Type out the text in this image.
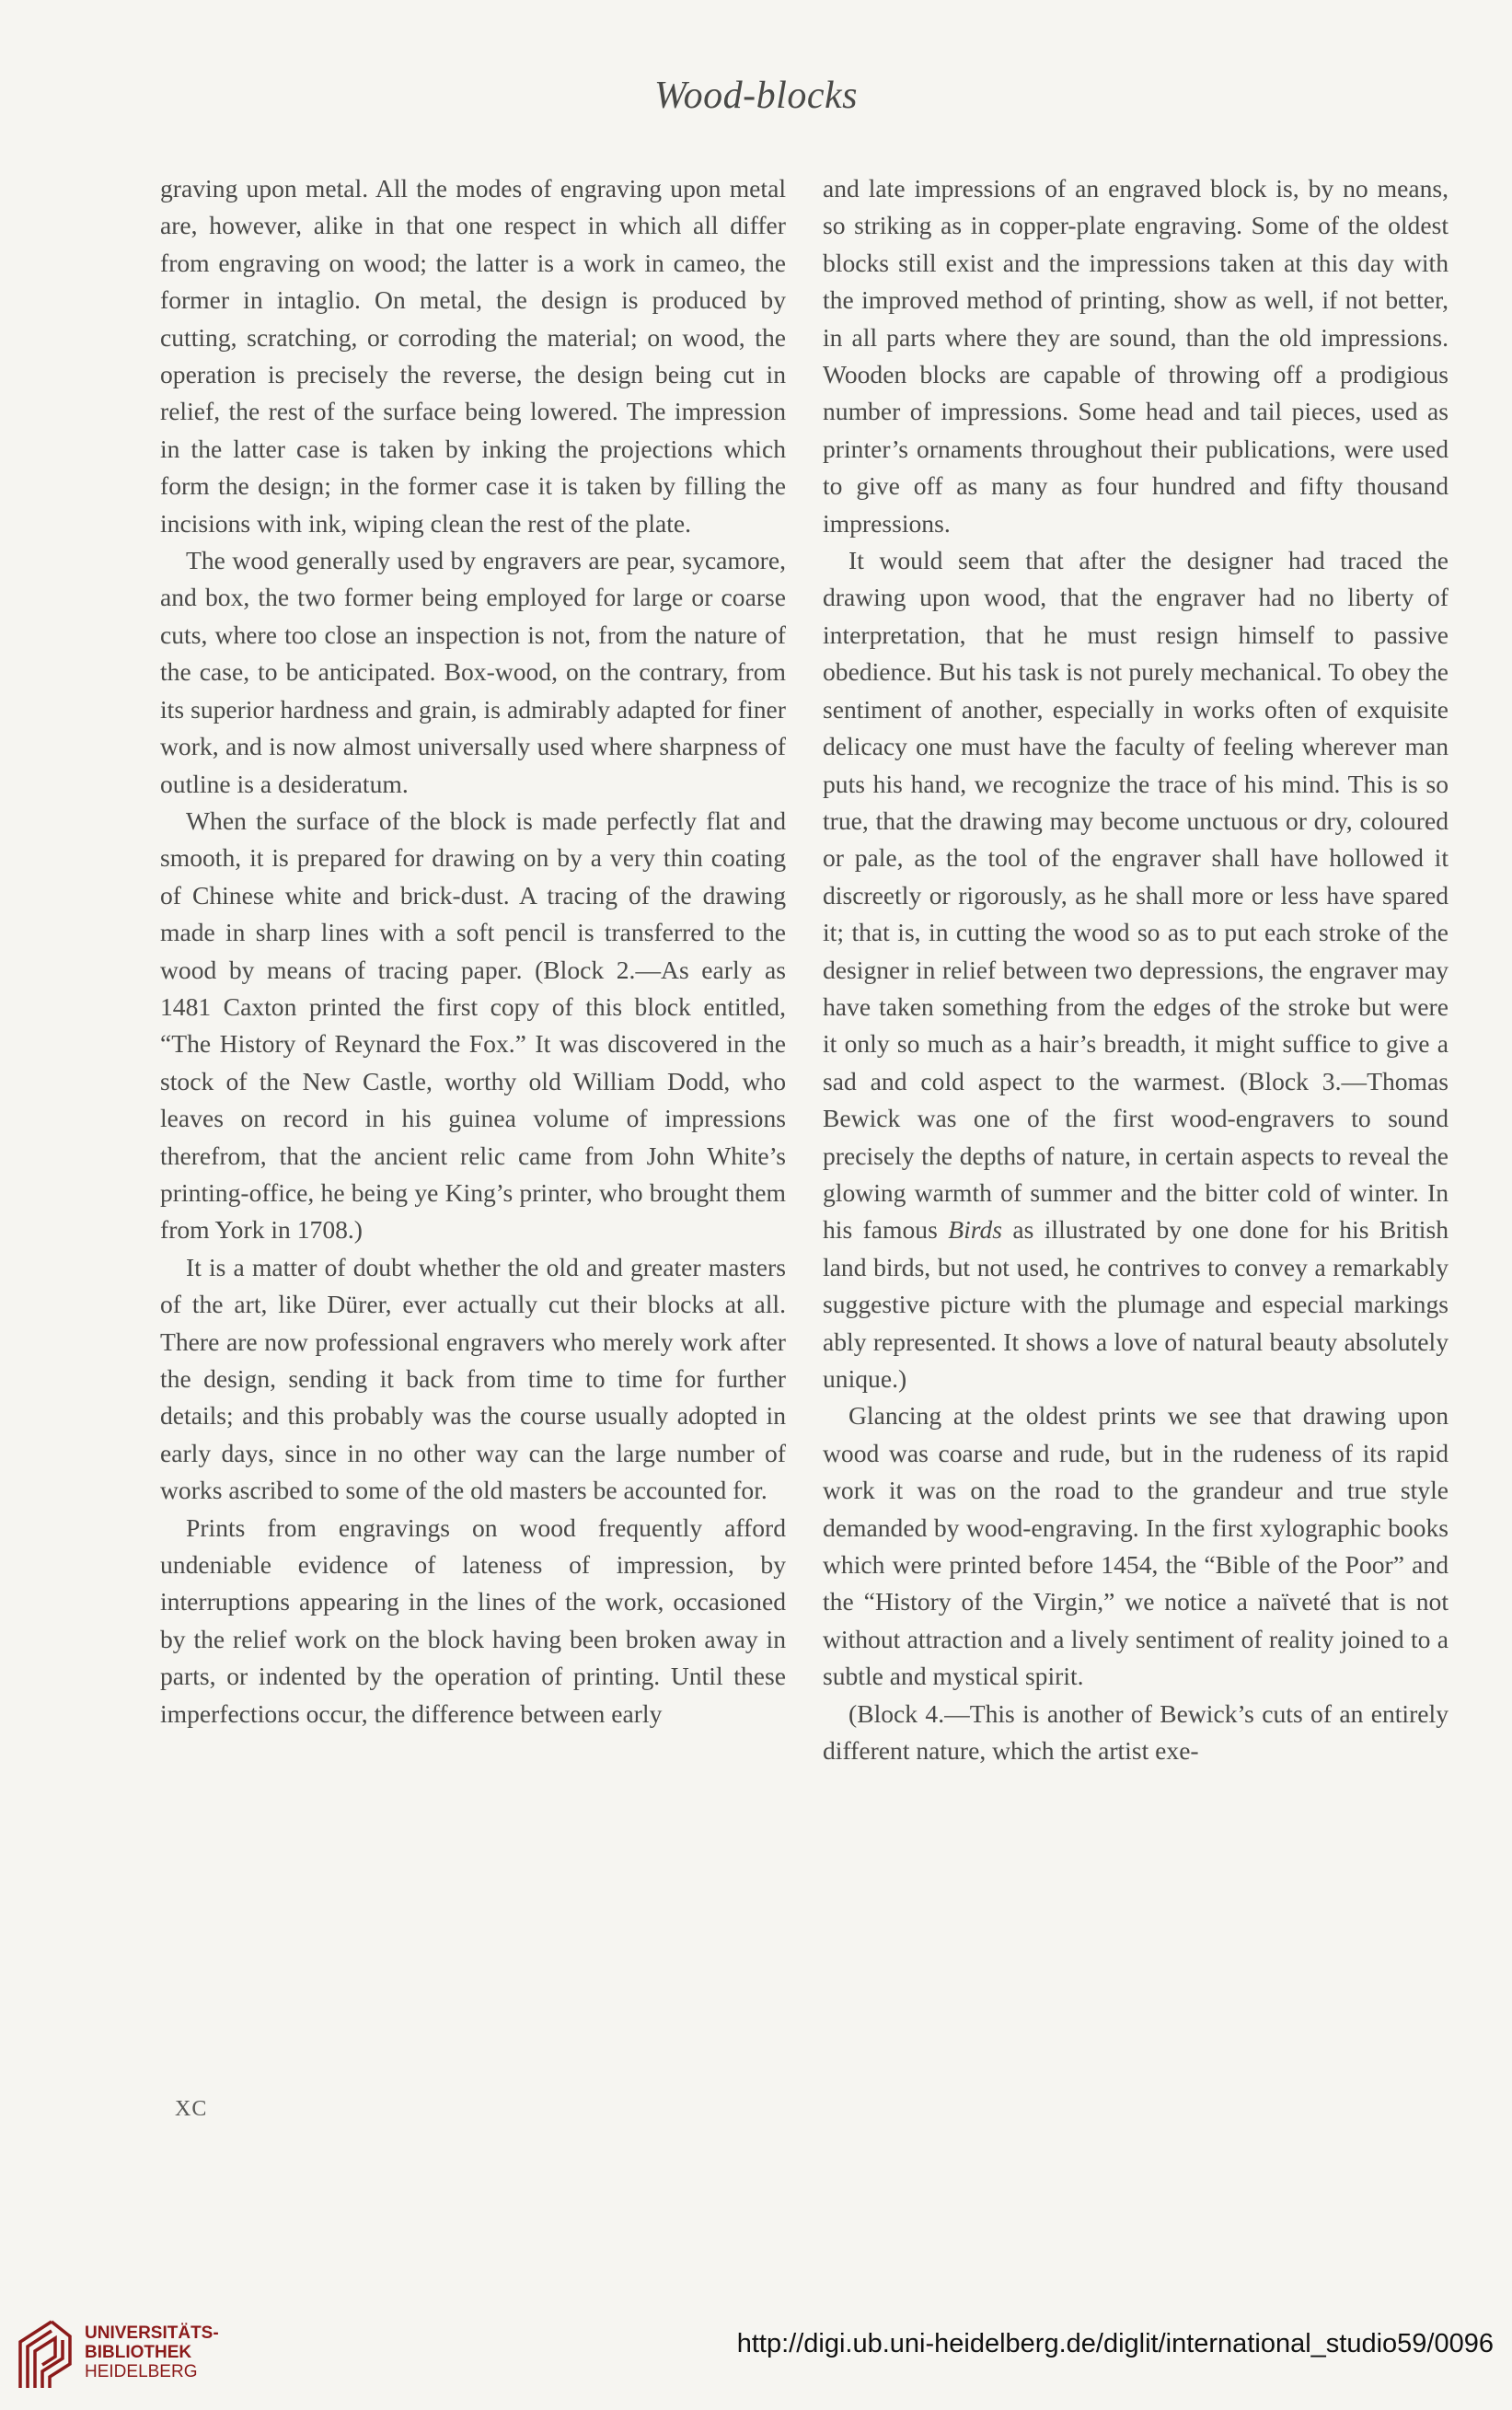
Wood-blocks

graving upon metal. All the modes of engraving upon metal are, however, alike in that one respect in which all differ from engraving on wood; the latter is a work in cameo, the former in intaglio. On metal, the design is produced by cutting, scratching, or corroding the material; on wood, the operation is precisely the reverse, the design being cut in relief, the rest of the surface being lowered. The impression in the latter case is taken by inking the projections which form the design; in the former case it is taken by filling the incisions with ink, wiping clean the rest of the plate.

The wood generally used by engravers are pear, sycamore, and box, the two former being employed for large or coarse cuts, where too close an inspection is not, from the nature of the case, to be anticipated. Box-wood, on the contrary, from its superior hardness and grain, is admirably adapted for finer work, and is now almost universally used where sharpness of outline is a desideratum.

When the surface of the block is made perfectly flat and smooth, it is prepared for drawing on by a very thin coating of Chinese white and brick-dust. A tracing of the drawing made in sharp lines with a soft pencil is transferred to the wood by means of tracing paper. (Block 2.—As early as 1481 Caxton printed the first copy of this block entitled, “The History of Reynard the Fox.” It was discovered in the stock of the New Castle, worthy old William Dodd, who leaves on record in his guinea volume of impressions therefrom, that the ancient relic came from John White’s printing-office, he being ye King’s printer, who brought them from York in 1708.)

It is a matter of doubt whether the old and greater masters of the art, like Dürer, ever actually cut their blocks at all. There are now professional engravers who merely work after the design, sending it back from time to time for further details; and this probably was the course usually adopted in early days, since in no other way can the large number of works ascribed to some of the old masters be accounted for.

Prints from engravings on wood frequently afford undeniable evidence of lateness of impression, by interruptions appearing in the lines of the work, occasioned by the relief work on the block having been broken away in parts, or indented by the operation of printing. Until these imperfections occur, the difference between early

and late impressions of an engraved block is, by no means, so striking as in copper-plate engraving. Some of the oldest blocks still exist and the impressions taken at this day with the improved method of printing, show as well, if not better, in all parts where they are sound, than the old impressions. Wooden blocks are capable of throwing off a prodigious number of impressions. Some head and tail pieces, used as printer’s ornaments throughout their publications, were used to give off as many as four hundred and fifty thousand impressions.

It would seem that after the designer had traced the drawing upon wood, that the engraver had no liberty of interpretation, that he must resign himself to passive obedience. But his task is not purely mechanical. To obey the sentiment of another, especially in works often of exquisite delicacy one must have the faculty of feeling wherever man puts his hand, we recognize the trace of his mind. This is so true, that the drawing may become unctuous or dry, coloured or pale, as the tool of the engraver shall have hollowed it discreetly or rigorously, as he shall more or less have spared it; that is, in cutting the wood so as to put each stroke of the designer in relief between two depressions, the engraver may have taken something from the edges of the stroke but were it only so much as a hair’s breadth, it might suffice to give a sad and cold aspect to the warmest. (Block 3.—Thomas Bewick was one of the first wood-engravers to sound precisely the depths of nature, in certain aspects to reveal the glowing warmth of summer and the bitter cold of winter. In his famous Birds as illustrated by one done for his British land birds, but not used, he contrives to convey a remarkably suggestive picture with the plumage and especial markings ably represented. It shows a love of natural beauty absolutely unique.)

Glancing at the oldest prints we see that drawing upon wood was coarse and rude, but in the rudeness of its rapid work it was on the road to the grandeur and true style demanded by wood-engraving. In the first xylographic books which were printed before 1454, the “Bible of the Poor” and the “History of the Virgin,” we notice a naïveté that is not without attraction and a lively sentiment of reality joined to a subtle and mystical spirit.

(Block 4.—This is another of Bewick’s cuts of an entirely different nature, which the artist exe-

XC
UNIVERSITÄTS-
BIBLIOTHEK
HEIDELBERG
http://digi.ub.uni-heidelberg.de/diglit/international_studio59/0096
